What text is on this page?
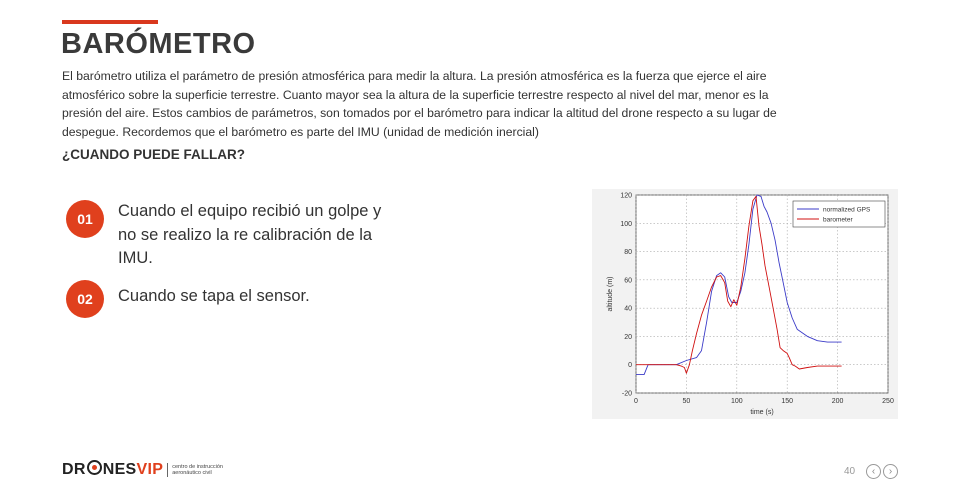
BARÓMETRO

El barómetro utiliza el parámetro de presión atmosférica para medir la altura. La presión atmosférica es la fuerza que ejerce el aire
atmosférico sobre la superficie terrestre. Cuanto mayor sea la altura de la superficie terrestre respecto al nivel del mar, menor es la
presión del aire. Estos cambios de parámetros, son tomados por el barómetro para indicar la altitud del drone respecto a su lugar de
despegue. Recordemos que el barómetro es parte del IMU (unidad de medición inercial)

¿CUANDO PUEDE FALLAR?
01	Cuando el equipo recibió un golpe y no se realizo la re calibración de la IMU.
02	Cuando se tapa el sensor.
0	50	100	150	200	250
-20
0
20
40
60
80
100
120
time (s)
altitude (m)
normalized GPS
barometer
DR NESVIP centro de instrucción
aeronáutico civil	40	‹	›
